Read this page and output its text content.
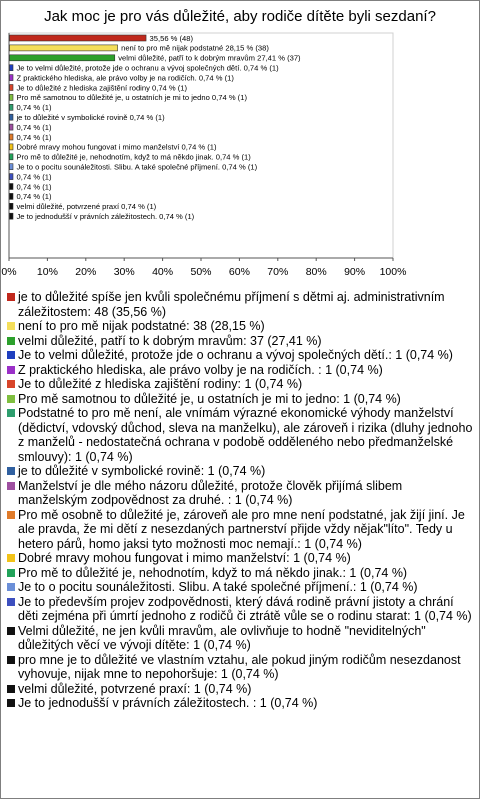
Jak moc je pro vás důležité, aby rodiče dítěte byli sezdaní?
35,56 % (48)
není to pro mě nijak podstatné 28,15 % (38)
velmi důležité, patří to k dobrým mravům 27,41 % (37)
Je to velmi důležité, protože jde o ochranu a vývoj společných dětí. 0,74 % (1)
Z praktického hlediska, ale právo volby je na rodičích. 0,74 % (1)
Je to důležité z hlediska zajištění rodiny 0,74 % (1)
Pro mě samotnou to důležité je, u ostatních je mi to jedno 0,74 % (1)
0,74 % (1)
je to důležité v symbolické rovině 0,74 % (1)
0,74 % (1)
0,74 % (1)
Dobré mravy mohou fungovat i mimo manželství 0,74 % (1)
Pro mě to důležité je, nehodnotím, když to má někdo jinak. 0,74 % (1)
Je to o pocitu sounáležitosti. Slibu. A také společné příjmení. 0,74 % (1)
0,74 % (1)
0,74 % (1)
0,74 % (1)
velmi důležité, potvrzené praxí 0,74 % (1)
Je to jednodušší v právních záležitostech. 0,74 % (1)
0% 10% 20% 30% 40% 50% 60% 70% 80% 90% 100%
je to důležité spíše jen kvůli společnému příjmení s dětmi aj. administrativním záležitostem: 48 (35,56 %)
není to pro mě nijak podstatné: 38 (28,15 %)
velmi důležité, patří to k dobrým mravům: 37 (27,41 %)
Je to velmi důležité, protože jde o ochranu a vývoj společných dětí.: 1 (0,74 %)
Z praktického hlediska, ale právo volby je na rodičích. : 1 (0,74 %)
Je to důležité z hlediska zajištění rodiny: 1 (0,74 %)
Pro mě samotnou to důležité je, u ostatních je mi to jedno: 1 (0,74 %)
Podstatné to pro mě není, ale vnímám výrazné ekonomické výhody manželství (dědictví, vdovský důchod, sleva na manželku), ale zároveň i rizika (dluhy jednoho z manželů - nedostatečná ochrana v podobě odděleného nebo předmanželské smlouvy): 1 (0,74 %)
je to důležité v symbolické rovině: 1 (0,74 %)
Manželství je dle mého názoru důležité, protože člověk přijímá slibem manželským zodpovědnost za druhé. : 1 (0,74 %)
Pro mě osobně to důležité je, zároveň ale pro mne není podstatné, jak žijí jiní. Je ale pravda, že mi dětí z nesezdaných partnerství přijde vždy nějak"líto". Tedy u hetero párů, homo jaksi tyto možnosti moc nemají.: 1 (0,74 %)
Dobré mravy mohou fungovat i mimo manželství: 1 (0,74 %)
Pro mě to důležité je, nehodnotím, když to má někdo jinak.: 1 (0,74 %)
Je to o pocitu sounáležitosti. Slibu. A také společné příjmení.: 1 (0,74 %)
Je to především projev zodpovědnosti, který dává rodině právní jistoty a chrání děti zejména při úmrtí jednoho z rodičů či ztrátě vůle se o rodinu starat: 1 (0,74 %)
Velmi důležité, ne jen kvůli mravům, ale ovlivňuje to hodně "neviditelných" důležitých věcí ve vývoji dítěte: 1 (0,74 %)
pro mne je to důležité ve vlastním vztahu, ale pokud jiným rodičům nesezdanost vyhovuje, nijak mne to nepohoršuje: 1 (0,74 %)
velmi důležité, potvrzené praxí: 1 (0,74 %)
Je to jednodušší v právních záležitostech. : 1 (0,74 %)
